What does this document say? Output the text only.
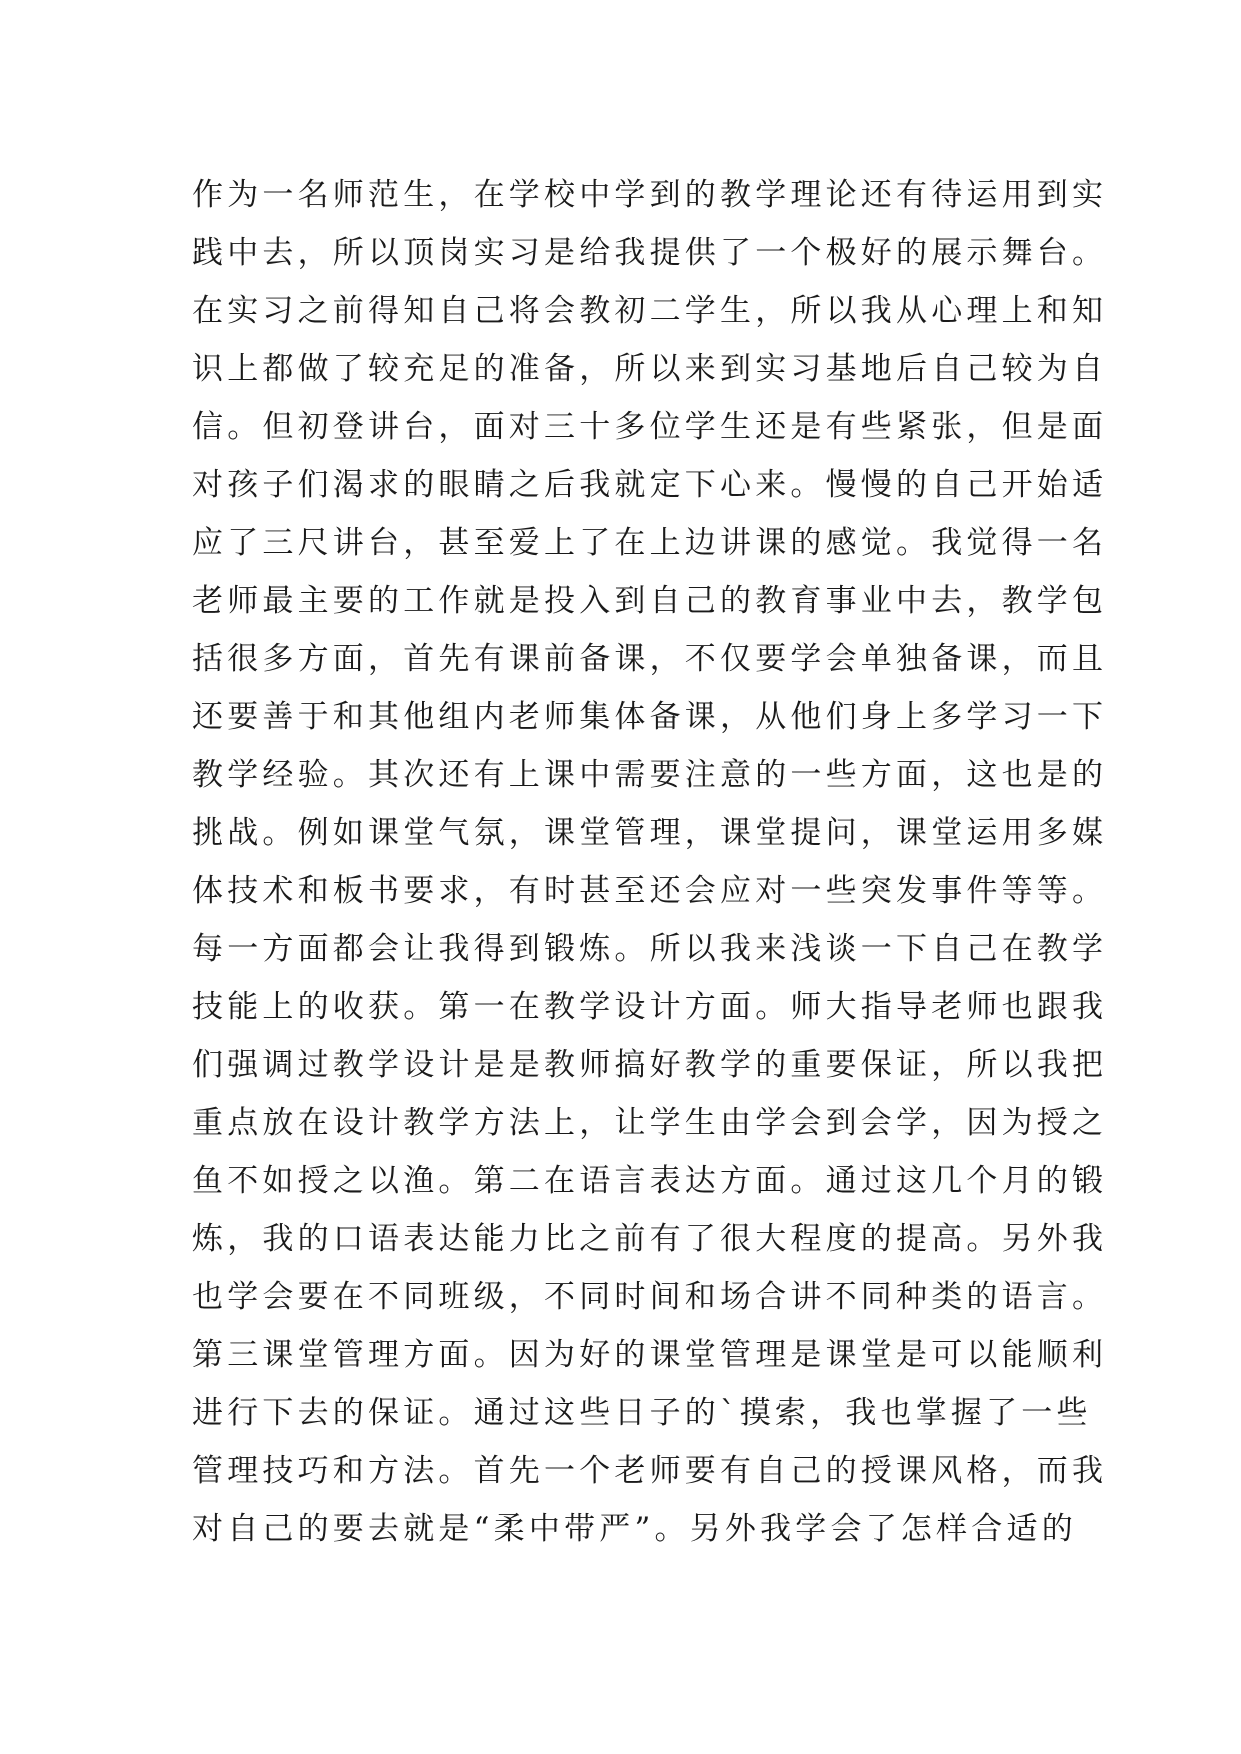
作为一名师范生，在学校中学到的教学理论还有待运用到实
践中去，所以顶岗实习是给我提供了一个极好的展示舞台。
在实习之前得知自己将会教初二学生，所以我从心理上和知
识上都做了较充足的准备，所以来到实习基地后自己较为自
信。但初登讲台，面对三十多位学生还是有些紧张，但是面
对孩子们渴求的眼睛之后我就定下心来。慢慢的自己开始适
应了三尺讲台，甚至爱上了在上边讲课的感觉。我觉得一名
老师最主要的工作就是投入到自己的教育事业中去，教学包
括很多方面，首先有课前备课，不仅要学会单独备课，而且
还要善于和其他组内老师集体备课，从他们身上多学习一下
教学经验。其次还有上课中需要注意的一些方面，这也是的
挑战。例如课堂气氛，课堂管理，课堂提问，课堂运用多媒
体技术和板书要求，有时甚至还会应对一些突发事件等等。
每一方面都会让我得到锻炼。所以我来浅谈一下自己在教学
技能上的收获。第一在教学设计方面。师大指导老师也跟我
们强调过教学设计是是教师搞好教学的重要保证，所以我把
重点放在设计教学方法上，让学生由学会到会学，因为授之
鱼不如授之以渔。第二在语言表达方面。通过这几个月的锻
炼，我的口语表达能力比之前有了很大程度的提高。另外我
也学会要在不同班级，不同时间和场合讲不同种类的语言。
第三课堂管理方面。因为好的课堂管理是课堂是可以能顺利
进行下去的保证。通过这些日子的`摸索，我也掌握了一些
管理技巧和方法。首先一个老师要有自己的授课风格，而我
对自己的要去就是“柔中带严”。另外我学会了怎样合适的
